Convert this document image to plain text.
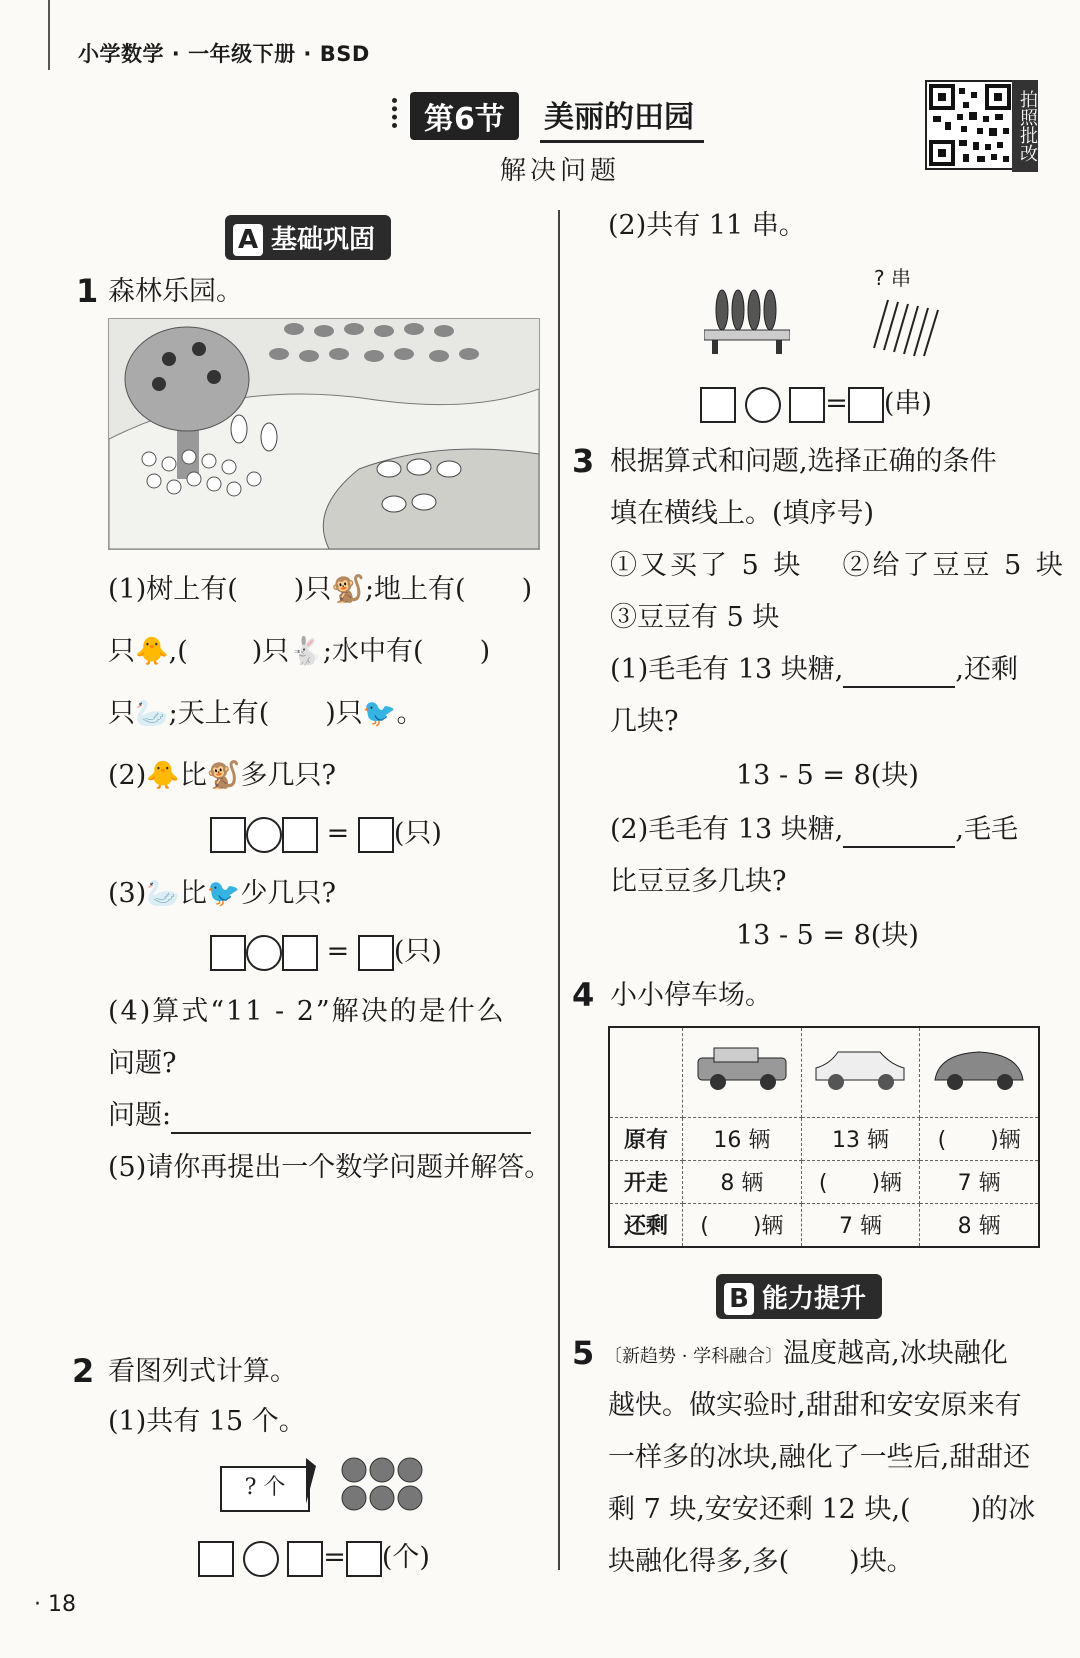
小学数学 · 一年级下册 · BSD
第6节	美丽的田园
解决问题
拍照批改
A 基础巩固
1 森林乐园。
(1)树上有( )只🐒;地上有( )
只🐥,( )只🐇;水中有( )
只🦢;天上有( )只🐦。
(2)🐥比🐒多几只?
= (只)
(3)🦢比🐦少几只?
= (只)
(4)算式“11 - 2”解决的是什么
问题?
问题:
(5)请你再提出一个数学问题并解答。
2 看图列式计算。
(1)共有 15 个。
? 个
= (个)
(2)共有 11 串。
? 串
= (串)
3 根据算式和问题,选择正确的条件
填在横线上。(填序号)
①又买了 5 块 ②给了豆豆 5 块
③豆豆有 5 块
(1)毛毛有 13 块糖,	,还剩
几块?
13 - 5 = 8(块)
(2)毛毛有 13 块糖,	,毛毛
比豆豆多几块?
13 - 5 = 8(块)
4 小小停车场。

原有	16 辆	13 辆	(　　)辆
开走	8 辆	(　　)辆	7 辆
还剩	(　　)辆	7 辆	8 辆
B 能力提升
5 〔新趋势 · 学科融合〕温度越高,冰块融化
越快。做实验时,甜甜和安安原来有
一样多的冰块,融化了一些后,甜甜还
剩 7 块,安安还剩 12 块,( )的冰
块融化得多,多( )块。
· 18
